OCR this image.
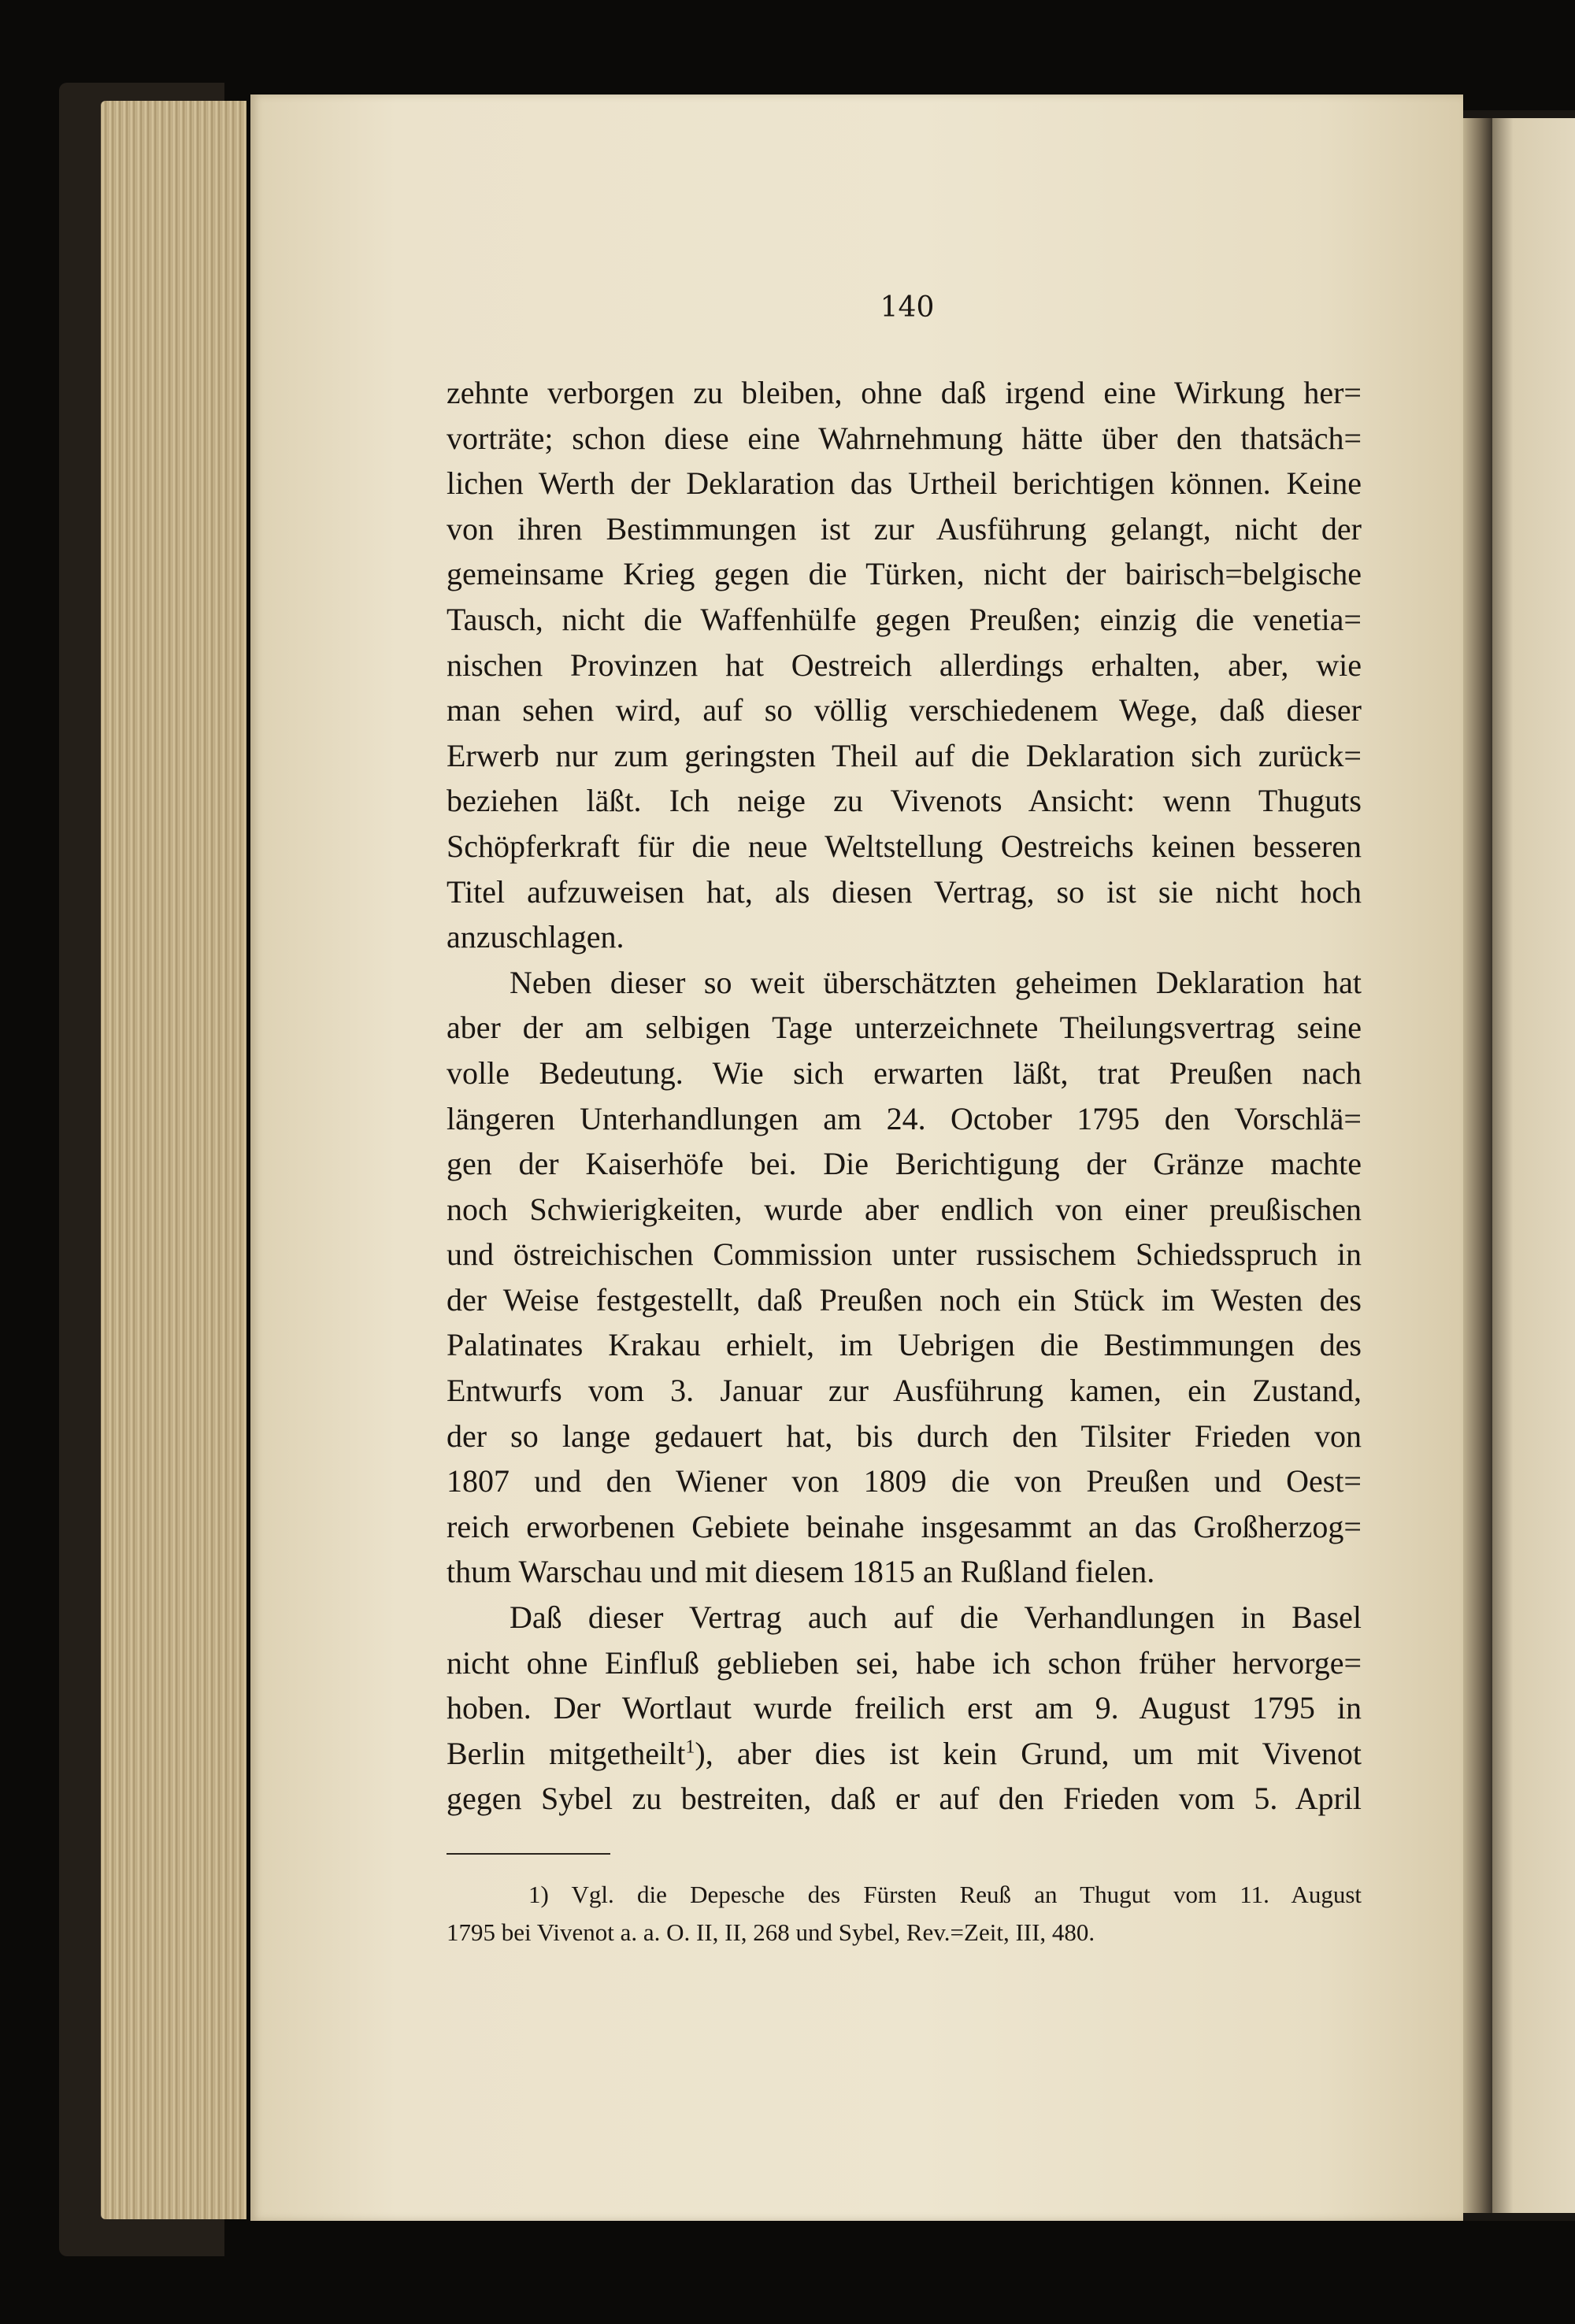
140
zehnte verborgen zu bleiben, ohne daß irgend eine Wirkung her=
vorträte; schon diese eine Wahrnehmung hätte über den thatsäch=
lichen Werth der Deklaration das Urtheil berichtigen können. Keine
von ihren Bestimmungen ist zur Ausführung gelangt, nicht der
gemeinsame Krieg gegen die Türken, nicht der bairisch=belgische
Tausch, nicht die Waffenhülfe gegen Preußen; einzig die venetia=
nischen Provinzen hat Oestreich allerdings erhalten, aber, wie
man sehen wird, auf so völlig verschiedenem Wege, daß dieser
Erwerb nur zum geringsten Theil auf die Deklaration sich zurück=
beziehen läßt. Ich neige zu Vivenots Ansicht: wenn Thuguts
Schöpferkraft für die neue Weltstellung Oestreichs keinen besseren
Titel aufzuweisen hat, als diesen Vertrag, so ist sie nicht hoch
anzuschlagen.
Neben dieser so weit überschätzten geheimen Deklaration hat
aber der am selbigen Tage unterzeichnete Theilungsvertrag seine
volle Bedeutung. Wie sich erwarten läßt, trat Preußen nach
längeren Unterhandlungen am 24. October 1795 den Vorschlä=
gen der Kaiserhöfe bei. Die Berichtigung der Gränze machte
noch Schwierigkeiten, wurde aber endlich von einer preußischen
und östreichischen Commission unter russischem Schiedsspruch in
der Weise festgestellt, daß Preußen noch ein Stück im Westen des
Palatinates Krakau erhielt, im Uebrigen die Bestimmungen des
Entwurfs vom 3. Januar zur Ausführung kamen, ein Zustand,
der so lange gedauert hat, bis durch den Tilsiter Frieden von
1807 und den Wiener von 1809 die von Preußen und Oest=
reich erworbenen Gebiete beinahe insgesammt an das Großherzog=
thum Warschau und mit diesem 1815 an Rußland fielen.
Daß dieser Vertrag auch auf die Verhandlungen in Basel
nicht ohne Einfluß geblieben sei, habe ich schon früher hervorge=
hoben. Der Wortlaut wurde freilich erst am 9. August 1795 in
Berlin mitgetheilt$^1$), aber dies ist kein Grund, um mit Vivenot
gegen Sybel zu bestreiten, daß er auf den Frieden vom 5. April
1) Vgl. die Depesche des Fürsten Reuß an Thugut vom 11. August
1795 bei Vivenot a. a. O. II, II, 268 und Sybel, Rev.=Zeit, III, 480.
